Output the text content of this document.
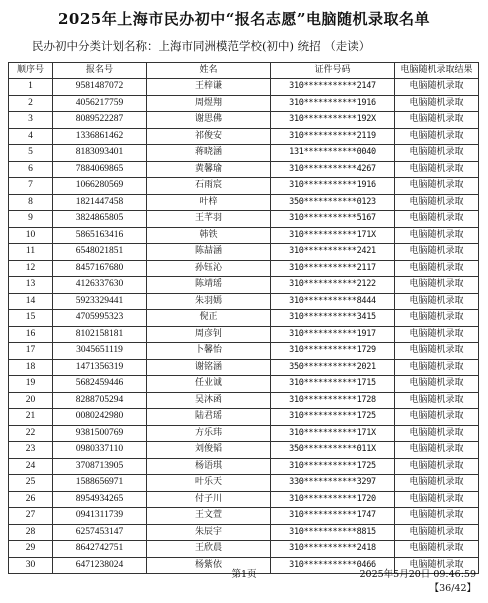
2025年上海市民办初中“报名志愿”电脑随机录取名单
民办初中分类计划名称：上海市同洲模范学校(初中) 统招 （走读）
顺序号	报名号	姓名	证件号码	电脑随机录取结果
1	9581487072	王梓谦	310***********2147	电脑随机录取
2	4056217759	周煜翔	310***********1916	电脑随机录取
3	8089522287	谢思佛	310***********192X	电脑随机录取
4	1336861462	祁俊安	310***********2119	电脑随机录取
5	8183093401	蒋晓涵	131***********0040	电脑随机录取
6	7884069865	黄馨瑜	310***********4267	电脑随机录取
7	1066280569	石雨宸	310***********1916	电脑随机录取
8	1821447458	叶梓	350***********0123	电脑随机录取
9	3824865805	王芊羽	310***********5167	电脑随机录取
10	5865163416	韩铁	310***********171X	电脑随机录取
11	6548021851	陈喆涵	310***********2421	电脑随机录取
12	8457167680	孙钰沁	310***********2117	电脑随机录取
13	4126337630	陈靖瑶	310***********2122	电脑随机录取
14	5923329441	朱羽嫣	310***********8444	电脑随机录取
15	4705995323	倪正	310***********3415	电脑随机录取
16	8102158181	周彦钊	310***********1917	电脑随机录取
17	3045651119	卜馨怡	310***********1729	电脑随机录取
18	1471356319	谢铭涵	350***********2021	电脑随机录取
19	5682459446	任业诚	310***********1715	电脑随机录取
20	8288705294	吴沐函	310***********1728	电脑随机录取
21	0080242980	陆君瑶	310***********1725	电脑随机录取
22	9381500769	方乐玮	310***********171X	电脑随机录取
23	0980337110	刘俊韬	350***********011X	电脑随机录取
24	3708713905	杨语琪	310***********1725	电脑随机录取
25	1588656971	叶乐天	330***********3297	电脑随机录取
26	8954934265	付子川	310***********1720	电脑随机录取
27	0941311739	王文萱	310***********1747	电脑随机录取
28	6257453147	朱辰宇	310***********8815	电脑随机录取
29	8642742751	王欣晨	310***********2418	电脑随机录取
30	6471238024	杨紫依	310***********0466	电脑随机录取
第1页	2025年5月20日 09:46:59
【36/42】
